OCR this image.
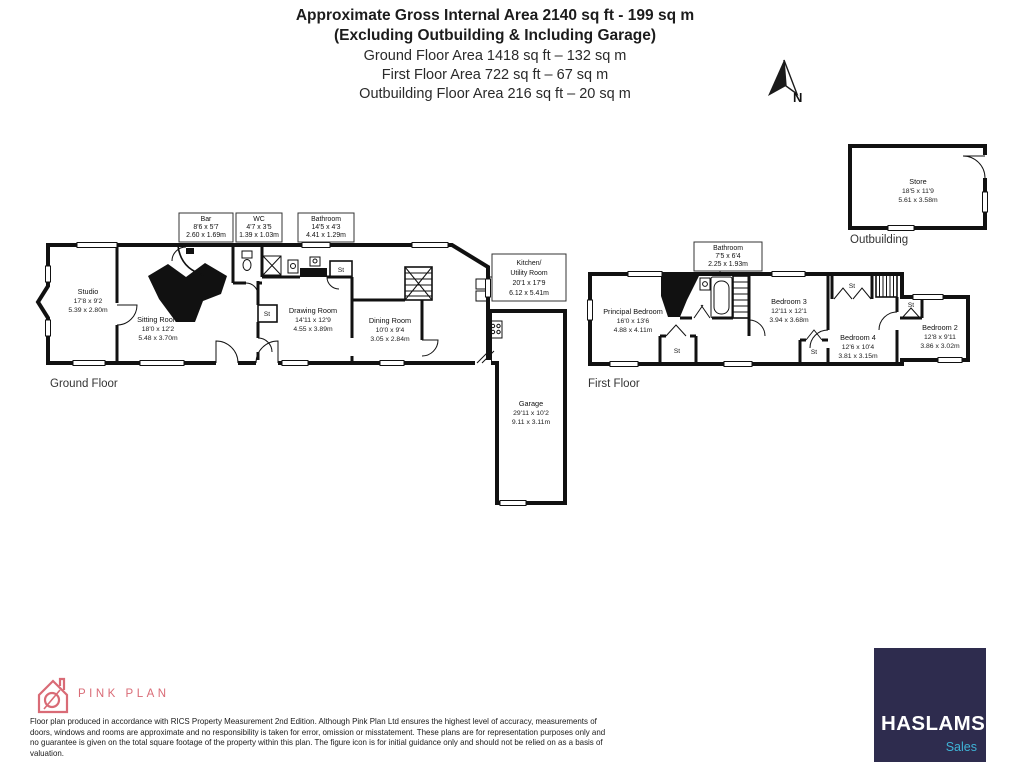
Approximate Gross Internal Area 2140 sq ft - 199 sq m
(Excluding Outbuilding & Including Garage)
Ground Floor Area 1418 sq ft – 132 sq m
First Floor Area 722 sq ft – 67 sq m
Outbuilding Floor Area 216 sq ft – 20 sq m	N
Bar
8'6 x 5'7
2.60 x 1.69m
WC
4'7 x 3'5
1.39 x 1.03m
Bathroom
14'5 x 4'3
4.41 x 1.29m
Kitchen/
Utility Room
20'1 x 17'9
6.12 x 5.41m
Bathroom
7'5 x 6'4
2.25 x 1.93m
Studio
17'8 x 9'2
5.39 x 2.80m
Sitting Room
18'0 x 12'2
5.48 x 3.70m
Drawing Room
14'11 x 12'9
4.55 x 3.89m
Dining Room
10'0 x 9'4
3.05 x 2.84m
Garage
29'11 x 10'2
9.11 x 3.11m
Principal Bedroom
16'0 x 13'6
4.88 x 4.11m
Bedroom 3
12'11 x 12'1
3.94 x 3.68m
Bedroom 4
12'6 x 10'4
3.81 x 3.15m
Bedroom 2
12'8 x 9'11
3.86 x 3.02m
Store
18'5 x 11'9
5.61 x 3.58m
St
St
St
St
St
St
Ground Floor	First Floor
Outbuilding
PINK PLAN
Floor plan produced in accordance with RICS Property Measurement 2nd Edition. Although Pink Plan Ltd ensures the highest level of accuracy, measurements of doors, windows and rooms are approximate and no responsibility is taken for error, omission or misstatement. These plans are for representation purposes only and no guarantee is given on the total square footage of the property within this plan. The figure icon is for initial guidance only and should not be relied on as a basis of valuation.
HASLAMS
Sales
